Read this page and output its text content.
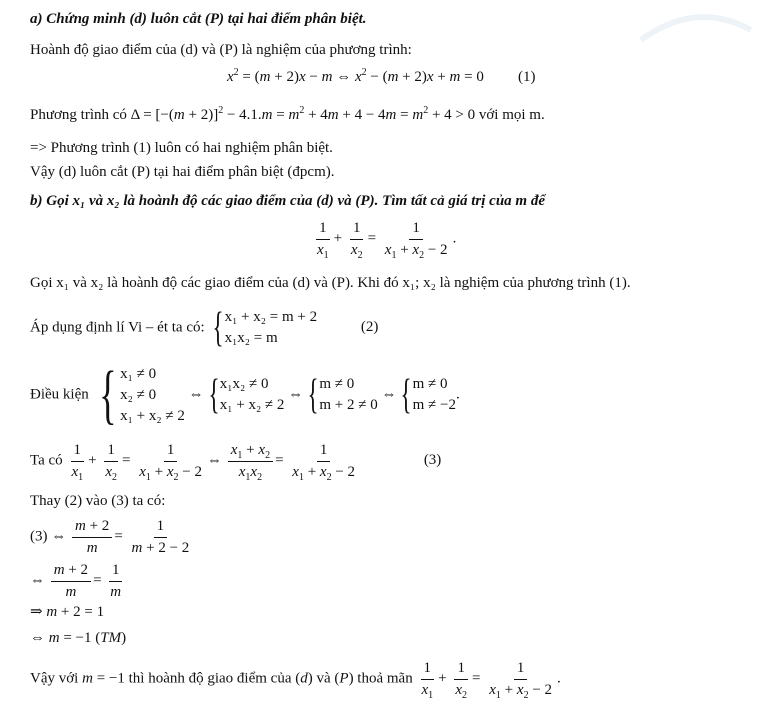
a) Chứng minh (d) luôn cắt (P) tại hai điểm phân biệt.
Hoành độ giao điểm của (d) và (P) là nghiệm của phương trình:
$x^2 = (m + 2)x - m$ ⇔ $x^2 - (m + 2)x + m = 0$ (1)
Phương trình có $\Delta = [-(m + 2)]^2 - 4.1.m = m^2 + 4m + 4 - 4m = m^2 + 4 > 0$ với mọi m.
=> Phương trình (1) luôn có hai nghiệm phân biệt.
Vậy (d) luôn cắt (P) tại hai điểm phân biệt (đpcm).
b) Gọi x₁ và x₂ là hoành độ các giao điểm của (d) và (P). Tìm tất cả giá trị của m để
$\frac{1}{x_1} + \frac{1}{x_2} = \frac{1}{x_1 + x_2 - 2}$ .
Gọi x₁ và x₂ là hoành độ các giao điểm của (d) và (P). Khi đó x₁; x₂ là nghiệm của phương trình (1).
Áp dụng định lí Vi – ét ta có: { x₁ + x₂ = m + 2
x₁x₂ = m
(2)
Điều kiện { x₁ ≠ 0
x₂ ≠ 0
x₁ + x₂ ≠ 2
⇔ { x₁x₂ ≠ 0
x₁ + x₂ ≠ 2
⇔ { m ≠ 0
m + 2 ≠ 0
⇔ { m ≠ 0
m ≠ −2
.
Ta có $\frac{1}{x_1} + \frac{1}{x_2} = \frac{1}{x_1 + x_2 - 2}$ ⇔ $\frac{x_1 + x_2}{x_1x_2} = \frac{1}{x_1 + x_2 - 2}$	(3)
Thay (2) vào (3) ta có:
(3) ⇔ $\frac{m + 2}{m} = \frac{1}{m + 2 - 2}$
⇔ $\frac{m + 2}{m} = \frac{1}{m}$
⇒ m + 2 = 1
⇔ m = −1 (TM)
Vậy với m = −1 thì hoành độ giao điểm của (d) và (P) thoả mãn $\frac{1}{x_1} + \frac{1}{x_2} = \frac{1}{x_1 + x_2 - 2}$ .
